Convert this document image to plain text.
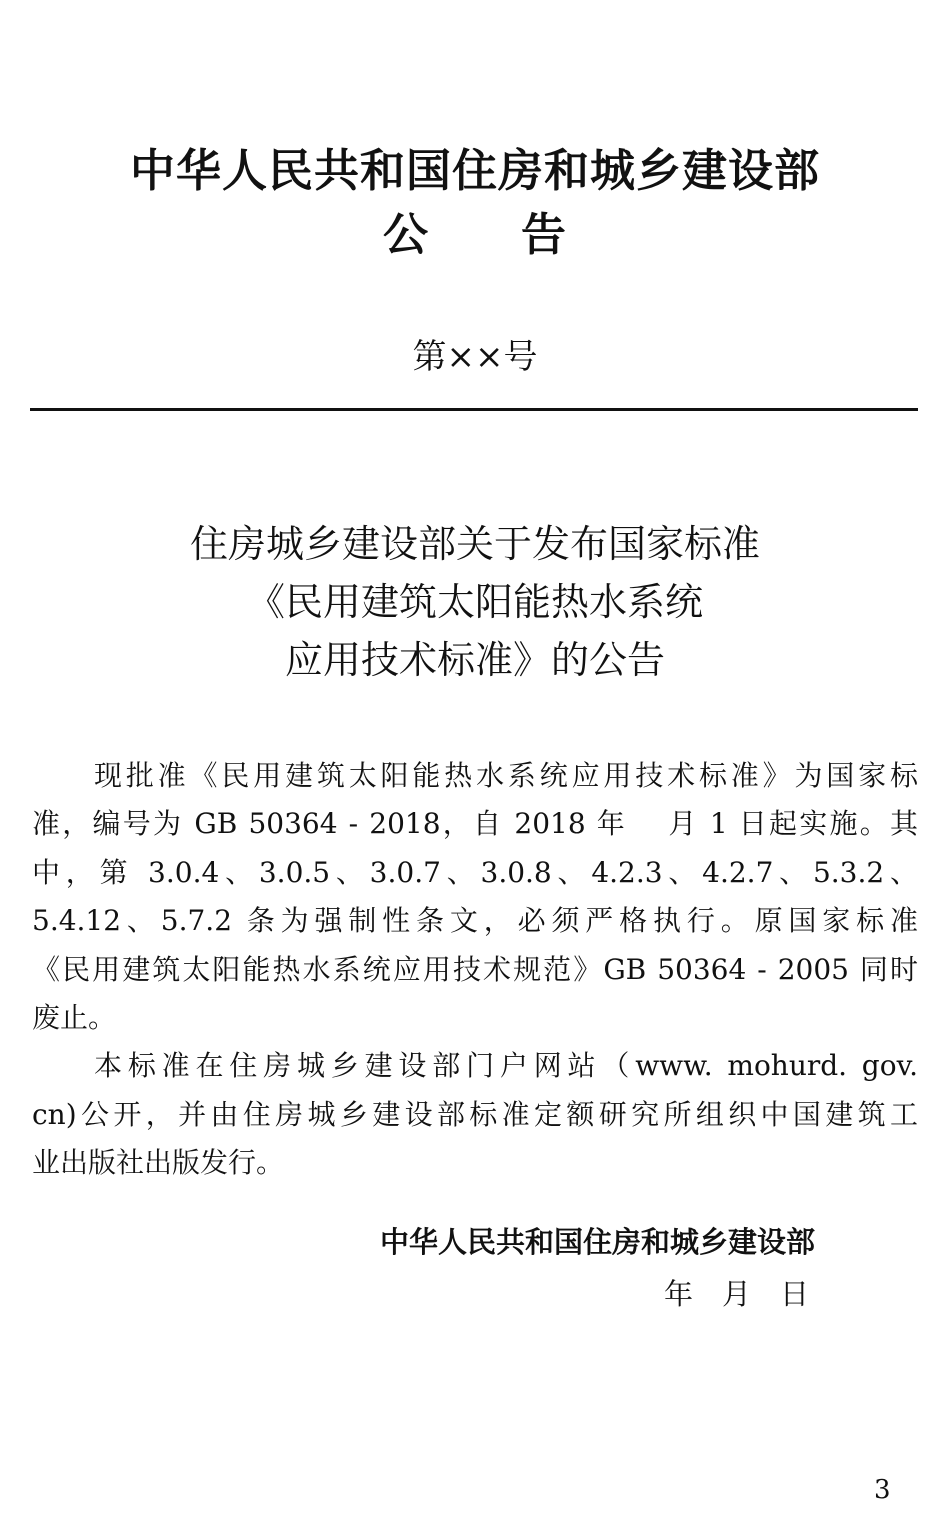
中华人民共和国住房和城乡建设部
公　　告
第××号
住房城乡建设部关于发布国家标准
《民用建筑太阳能热水系统
应用技术标准》的公告
现批准《民用建筑太阳能热水系统应用技术标准》为国家标
准，编号为 GB 50364 - 2018，自 2018 年　 月 1 日起实施。其
中，第 3.0.4、3.0.5、3.0.7、3.0.8、4.2.3、4.2.7、5.3.2、
5.4.12、5.7.2 条为强制性条文，必须严格执行。原国家标准
《民用建筑太阳能热水系统应用技术规范》GB 50364 - 2005 同时
废止。
本标准在住房城乡建设部门户网站（www. mohurd. gov.
cn)公开，并由住房城乡建设部标准定额研究所组织中国建筑工
业出版社出版发行。
中华人民共和国住房和城乡建设部
年　月　日
3
